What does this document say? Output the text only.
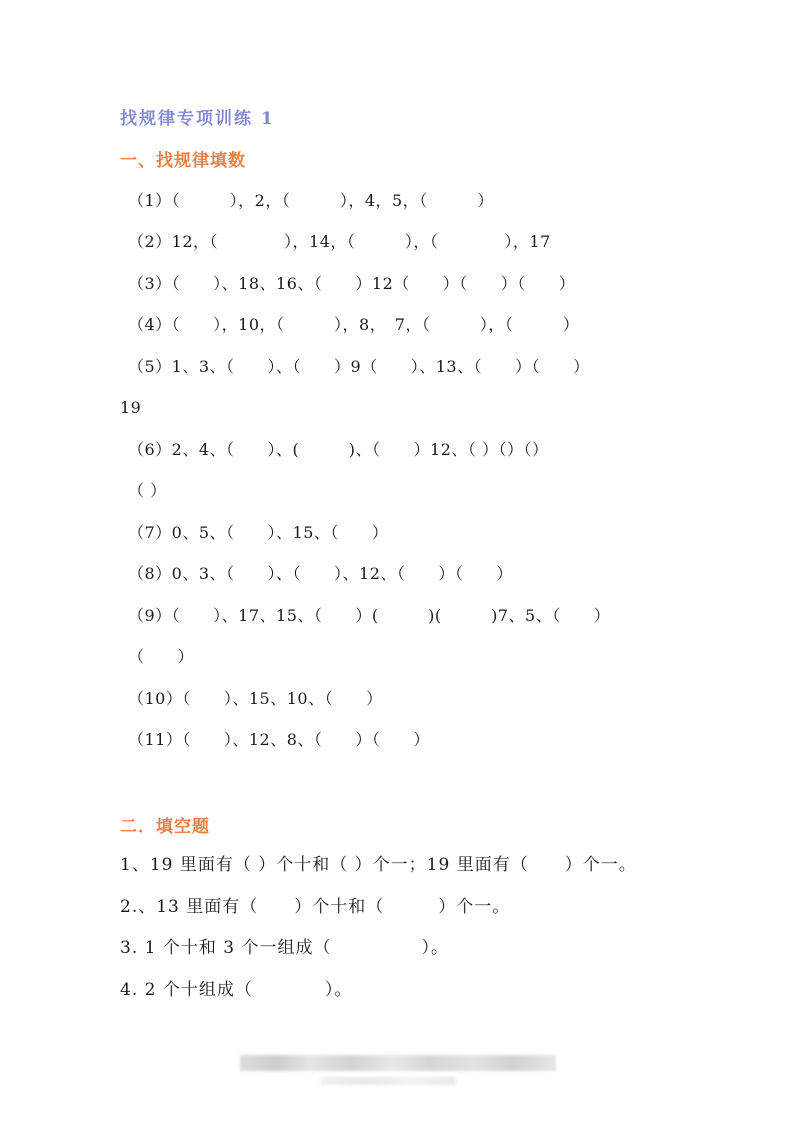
找规律专项训练 1
一、找规律填数
（1）（　　　），2，（　　　），4，5，（　　　）
（2）12，（　　　　），14，（　　　），（　　　　），17
（3）（　　）、18、16、（　　）12（　　）（　　）（　　）
（4）（　　），10，（　　　），8，　7，（　　　），（　　　）
（5）1、3、（　　）、（　　）9（　　）、13、（　　）（　　）
19
（6）2、4、（　　）、(　　　)、（　　）12、（ ）（）（）
（ ）
（7）0、5、（　　）、15、（　　）
（8）0、3、（　　）、（　　）、12、（　　）（　　）
（9）（　　）、17、15、（　　）(　　　)(　　　)7、5、（　　）
（　　）
（10）（　　）、15、10、（　　）
（11）（　　）、12、8、（　　）（　　）
二．填空题
1、19 里面有（ ）个十和（ ）个一；19 里面有（　　）个一。
2.、13 里面有（　　）个十和（　　　）个一。
3. 1 个十和 3 个一组成（　　　　　）。
4. 2 个十组成（　　　　）。
